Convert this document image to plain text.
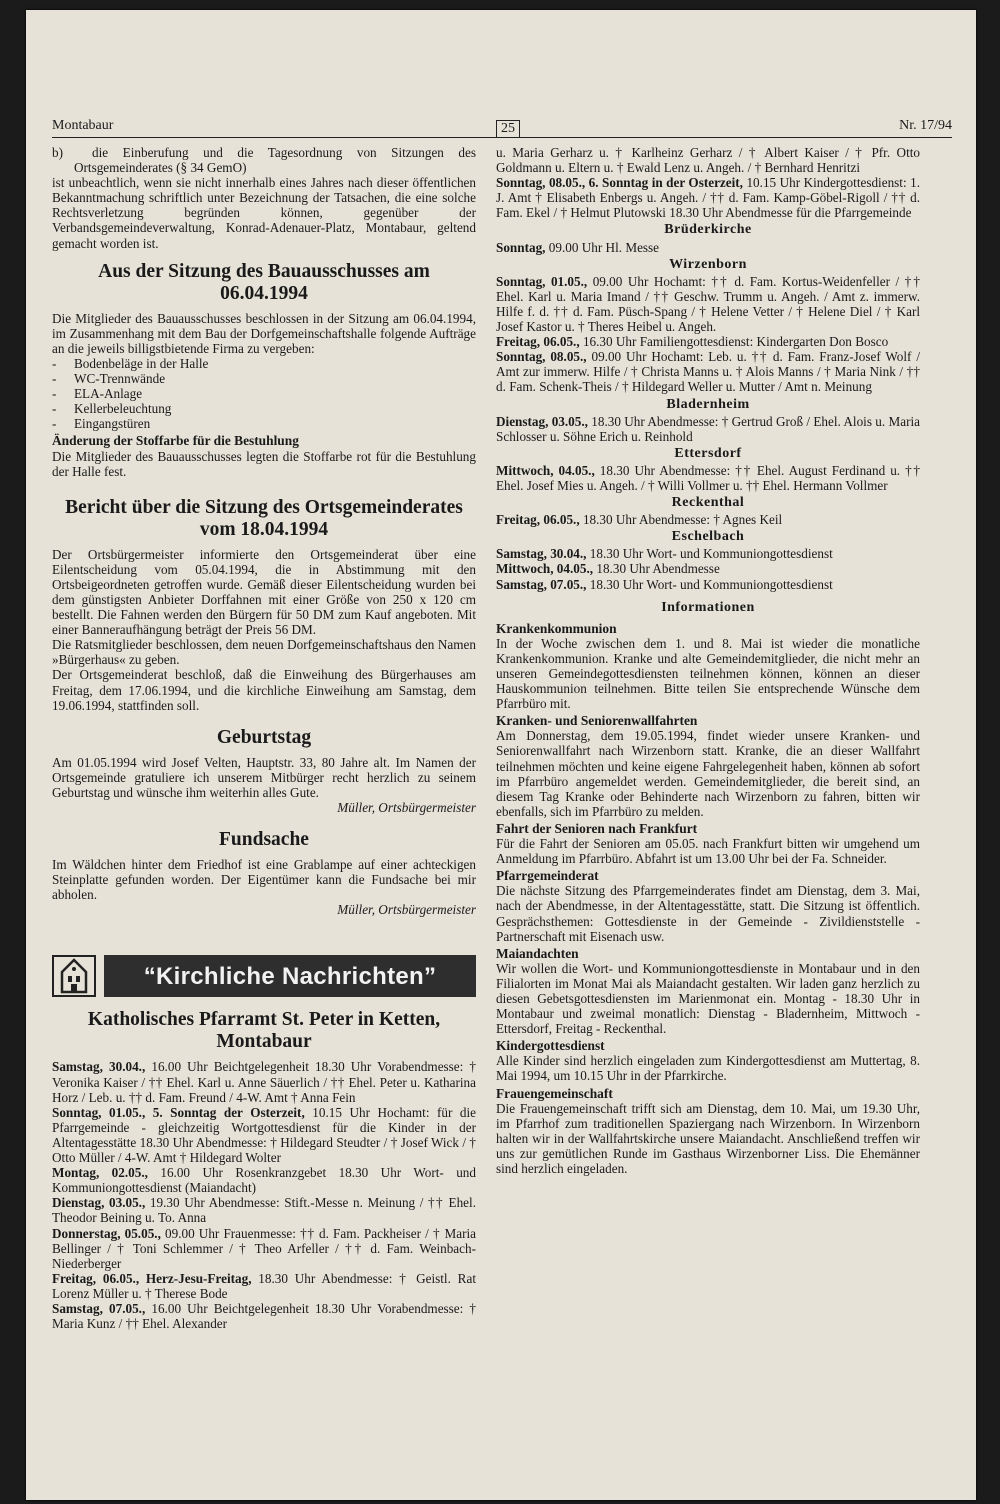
Montabaur	25	Nr. 17/94

b)  die Einberufung und die Tagesordnung von Sitzungen des Ortsgemeinderates (§ 34 GemO)

ist unbeachtlich, wenn sie nicht innerhalb eines Jahres nach dieser öffentlichen Bekanntmachung schriftlich unter Bezeichnung der Tatsachen, die eine solche Rechtsverletzung begründen können, gegenüber der Verbandsgemeindeverwaltung, Konrad-Adenauer-Platz, Montabaur, geltend gemacht worden ist.

Aus der Sitzung des Bauausschusses am 06.04.1994

Die Mitglieder des Bauausschusses beschlossen in der Sitzung am 06.04.1994, im Zusammenhang mit dem Bau der Dorfgemeinschaftshalle folgende Aufträge an die jeweils billigstbietende Firma zu vergeben:

- Bodenbeläge in der Halle
- WC-Trennwände
- ELA-Anlage
- Kellerbeleuchtung
- Eingangstüren
Änderung der Stoffarbe für die Bestuhlung

Die Mitglieder des Bauausschusses legten die Stoffarbe rot für die Bestuhlung der Halle fest.

Bericht über die Sitzung des Ortsgemeinderates vom 18.04.1994

Der Ortsbürgermeister informierte den Ortsgemeinderat über eine Eilentscheidung vom 05.04.1994, die in Abstimmung mit den Ortsbeigeordneten getroffen wurde. Gemäß dieser Eilentscheidung wurden bei dem günstigsten Anbieter Dorffahnen mit einer Größe von 250 x 120 cm bestellt. Die Fahnen werden den Bürgern für 50 DM zum Kauf angeboten. Mit einer Banneraufhängung beträgt der Preis 56 DM.

Die Ratsmitglieder beschlossen, dem neuen Dorfgemeinschaftshaus den Namen »Bürgerhaus« zu geben.

Der Ortsgemeinderat beschloß, daß die Einweihung des Bürgerhauses am Freitag, dem 17.06.1994, und die kirchliche Einweihung am Samstag, dem 19.06.1994, stattfinden soll.

Geburtstag

Am 01.05.1994 wird Josef Velten, Hauptstr. 33, 80 Jahre alt. Im Namen der Ortsgemeinde gratuliere ich unserem Mitbürger recht herzlich zu seinem Geburtstag und wünsche ihm weiterhin alles Gute.

Müller, Ortsbürgermeister

Fundsache

Im Wäldchen hinter dem Friedhof ist eine Grablampe auf einer achteckigen Steinplatte gefunden worden. Der Eigentümer kann die Fundsache bei mir abholen.

Müller, Ortsbürgermeister

“Kirchliche Nachrichten”
Katholisches Pfarramt St. Peter in Ketten, Montabaur

Samstag, 30.04., 16.00 Uhr Beichtgelegenheit 18.30 Uhr Vorabendmesse: † Veronika Kaiser / †† Ehel. Karl u. Anne Säuerlich / †† Ehel. Peter u. Katharina Horz / Leb. u. †† d. Fam. Freund / 4-W. Amt † Anna Fein

Sonntag, 01.05., 5. Sonntag der Osterzeit, 10.15 Uhr Hochamt: für die Pfarrgemeinde - gleichzeitig Wortgottesdienst für die Kinder in der Altentagesstätte 18.30 Uhr Abendmesse: † Hildegard Steudter / † Josef Wick / † Otto Müller / 4-W. Amt † Hildegard Wolter

Montag, 02.05., 16.00 Uhr Rosenkranzgebet 18.30 Uhr Wort- und Kommuniongottesdienst (Maiandacht)

Dienstag, 03.05., 19.30 Uhr Abendmesse: Stift.-Messe n. Meinung / †† Ehel. Theodor Beining u. To. Anna

Donnerstag, 05.05., 09.00 Uhr Frauenmesse: †† d. Fam. Packheiser / † Maria Bellinger / † Toni Schlemmer / † Theo Arfeller / †† d. Fam. Weinbach-Niederberger

Freitag, 06.05., Herz-Jesu-Freitag, 18.30 Uhr Abendmesse: † Geistl. Rat Lorenz Müller u. † Therese Bode

Samstag, 07.05., 16.00 Uhr Beichtgelegenheit 18.30 Uhr Vorabendmesse: † Maria Kunz / †† Ehel. Alexander

u. Maria Gerharz u. † Karlheinz Gerharz / † Albert Kaiser / † Pfr. Otto Goldmann u. Eltern u. † Ewald Lenz u. Angeh. / † Bernhard Henritzi

Sonntag, 08.05., 6. Sonntag in der Osterzeit, 10.15 Uhr Kindergottesdienst: 1. J. Amt † Elisabeth Enbergs u. Angeh. / †† d. Fam. Kamp-Göbel-Rigoll / †† d. Fam. Ekel / † Helmut Plutowski 18.30 Uhr Abendmesse für die Pfarrgemeinde

Brüderkirche

Sonntag, 09.00 Uhr Hl. Messe

Wirzenborn

Sonntag, 01.05., 09.00 Uhr Hochamt: †† d. Fam. Kortus-Weidenfeller / †† Ehel. Karl u. Maria Imand / †† Geschw. Trumm u. Angeh. / Amt z. immerw. Hilfe f. d. †† d. Fam. Püsch-Spang / † Helene Vetter / † Helene Diel / † Karl Josef Kastor u. † Theres Heibel u. Angeh.

Freitag, 06.05., 16.30 Uhr Familiengottesdienst: Kindergarten Don Bosco

Sonntag, 08.05., 09.00 Uhr Hochamt: Leb. u. †† d. Fam. Franz-Josef Wolf / Amt zur immerw. Hilfe / † Christa Manns u. † Alois Manns / † Maria Nink / †† d. Fam. Schenk-Theis / † Hildegard Weller u. Mutter / Amt n. Meinung

Bladernheim

Dienstag, 03.05., 18.30 Uhr Abendmesse: † Gertrud Groß / Ehel. Alois u. Maria Schlosser u. Söhne Erich u. Reinhold

Ettersdorf

Mittwoch, 04.05., 18.30 Uhr Abendmesse: †† Ehel. August Ferdinand u. †† Ehel. Josef Mies u. Angeh. / † Willi Vollmer u. †† Ehel. Hermann Vollmer

Reckenthal

Freitag, 06.05., 18.30 Uhr Abendmesse: † Agnes Keil

Eschelbach

Samstag, 30.04., 18.30 Uhr Wort- und Kommuniongottesdienst

Mittwoch, 04.05., 18.30 Uhr Abendmesse

Samstag, 07.05., 18.30 Uhr Wort- und Kommuniongottesdienst

Informationen
Krankenkommunion

In der Woche zwischen dem 1. und 8. Mai ist wieder die monatliche Krankenkommunion. Kranke und alte Gemeindemitglieder, die nicht mehr an unseren Gemeindegottesdiensten teilnehmen können, können an dieser Hauskommunion teilnehmen. Bitte teilen Sie entsprechende Wünsche dem Pfarrbüro mit.

Kranken- und Seniorenwallfahrten

Am Donnerstag, dem 19.05.1994, findet wieder unsere Kranken- und Seniorenwallfahrt nach Wirzenborn statt. Kranke, die an dieser Wallfahrt teilnehmen möchten und keine eigene Fahrgelegenheit haben, können ab sofort im Pfarrbüro angemeldet werden. Gemeindemitglieder, die bereit sind, an diesem Tag Kranke oder Behinderte nach Wirzenborn zu fahren, bitten wir ebenfalls, sich im Pfarrbüro zu melden.

Fahrt der Senioren nach Frankfurt

Für die Fahrt der Senioren am 05.05. nach Frankfurt bitten wir umgehend um Anmeldung im Pfarrbüro. Abfahrt ist um 13.00 Uhr bei der Fa. Schneider.

Pfarrgemeinderat

Die nächste Sitzung des Pfarrgemeinderates findet am Dienstag, dem 3. Mai, nach der Abendmesse, in der Altentagesstätte, statt. Die Sitzung ist öffentlich. Gesprächsthemen: Gottesdienste in der Gemeinde - Zivildienststelle - Partnerschaft mit Eisenach usw.

Maiandachten

Wir wollen die Wort- und Kommuniongottesdienste in Montabaur und in den Filialorten im Monat Mai als Maiandacht gestalten. Wir laden ganz herzlich zu diesen Gebetsgottesdiensten im Marienmonat ein. Montag - 18.30 Uhr in Montabaur und zweimal monatlich: Dienstag - Bladernheim, Mittwoch - Ettersdorf, Freitag - Reckenthal.

Kindergottesdienst

Alle Kinder sind herzlich eingeladen zum Kindergottesdienst am Muttertag, 8. Mai 1994, um 10.15 Uhr in der Pfarrkirche.

Frauengemeinschaft

Die Frauengemeinschaft trifft sich am Dienstag, dem 10. Mai, um 19.30 Uhr, im Pfarrhof zum traditionellen Spaziergang nach Wirzenborn. In Wirzenborn halten wir in der Wallfahrtskirche unsere Maiandacht. Anschließend treffen wir uns zur gemütlichen Runde im Gasthaus Wirzenborner Liss. Die Ehemänner sind herzlich eingeladen.
